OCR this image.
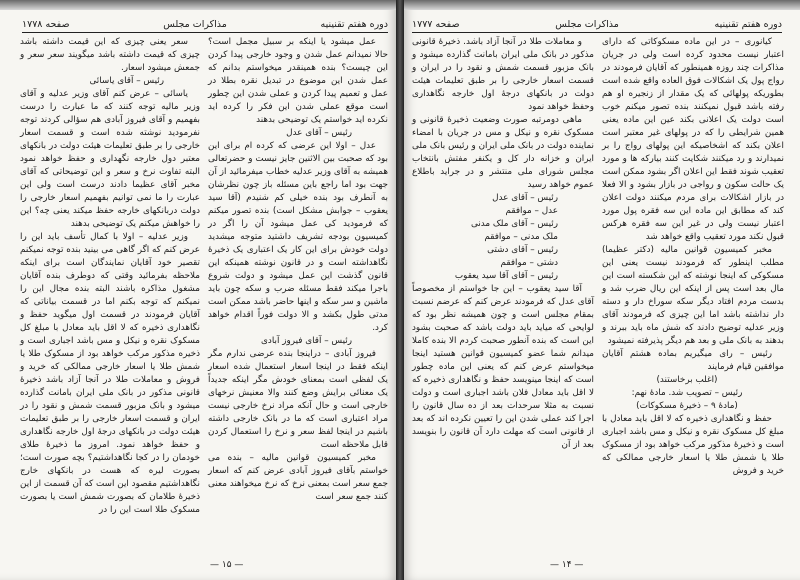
صفحه ۱۷۷۸	مذاکرات مجلس	دوره هفتم تقنینیه

عمل میشود یا اینکه بر سبیل مجمل است؟ حالا نمیدانم عمل شدن و وجود خارجی پیدا کردن این چیست؟ بنده همینقدر میخواستم بدانم که عمل شدن این موضوع در تبدیل نقره بطلا در عمل و تعمیم پیدا کردن و عملی شدن این چطور است موقع عملی شدن این فکر را کرده اید نکرده اید خواستم یک توضیحی بدهند

رئیس – آقای عدل

عدل – اولا این عرضی که کرده ام برای این بود که صحبت بین الاثنین جایز نیست و حضرتعالی همیشه به آقای وزیر عدلیه خطاب میفرمائید از آن جهت بود اما راجع باین مسئله باز چون نظرشان به آنطرف بود بنده خیلی کم شنیدم (آقا سید یعقوب – جوابش مشکل است) بنده تصور میکنم که فرمودید کی عمل میشود آن را اگر در کمیسیون بودجه تشریف داشتید متوجه میشدید دولت خودش برای این کار یک اعتباری یک ذخیرهٔ نگاهداشته است و در قانون نوشته همینکه این قانون گذشت این عمل میشود و دولت شروع باجرا میکند فقط مسئله ضرب و سکه چون باید ماشین و سر سکه و اینها حاضر باشد ممکن است مدتی طول بکشد و الا دولت فوراً اقدام خواهد کرد.

رئیس – آقای فیروز آبادی

فیروز آبادی – دراینجا بنده عرضی ندارم مگر اینکه فقط در اینجا اسعار استعمال شده اسعار یک لفظی است بمعنای خودش مگر اینکه جدیداً یک معنائی برایش وضع کنند والا معنیش نرخهای خارجی است و حال آنکه مراد نرخ خارجی نیست مراد اعتباری است که ما در بانک خارجی داشته باشیم در اینجا لفظ سعر و نرخ را استعمال کردن قابل ملاحظه است

مخبر کمیسیون قوانین مالیه – بنده می خواستم بآقای فیروز آبادی عرض کنم که اسعار جمع سعر است بمعنی نرخ که نرخ میخواهند معنی کنند جمع سعر است

سعر یعنی چیزی که این قیمت داشته باشد چیزی که قیمت داشته باشد میگویند سعر سعر و جمعش میشود اسعار.

رئیس – آقای یاسائی

یاسائی – عرض کنم آقای وزیر عدلیه و آقای وزیر مالیه توجه کنند که ما عبارت را درست بفهمیم و آقای فیروز آبادی هم سؤالی کردند توجه نفرمودید نوشته شده است و قسمت اسعار خارجی را بر طبق تعلیمات هیئت دولت در بانکهای معتبر دول خارجه نگهداری و حفظ خواهد نمود البته تفاوت نرخ و سعر و این توضیحاتی که آقای مخبر آقای عظیما دادند درست است ولی این عبارت را ما نمی توانیم بفهمیم اسعار خارجی را دولت دربانکهای خارجه حفظ میکند یعنی چه؟ این را خواهش میکنم یک توضیحی بدهند

وزیر عدلیه – اولا با کمال تأسف باید این را عرض کنم که اگر گاهی می بینید بنده توجه نمیکنم تقصیر خود آقایان نمایندگان است برای اینکه ملاحظه بفرمائید وقتی که دوطرف بنده آقایان مشغول مذاکره باشند البته بنده مجال این را نمیکنم که توجه بکنم اما در قسمت بیاناتی که آقایان فرمودند در قسمت اول میگوید حفظ و نگاهداری ذخیره که لا اقل باید معادل با مبلغ کل مسکوک نقره و نیکل و مس باشد اجباری است و ذخیره مذکور مرکب خواهد بود از مسکوک طلا یا شمش طلا یا اسعار خارجی ممالکی که خرید و فروش و معاملات طلا در آنجا آزاد باشد ذخیرهٔ قانونی مذکور در بانک ملی ایران بامانت گذارده میشود و بانک مزبور قسمت شمش و نقود را در ایران و قسمت اسعار خارجی را بر طبق تعلیمات هیئت دولت در بانکهای درجهٔ اول خارجه نگاهداری و حفظ خواهد نمود. امروز ما ذخیرهٔ طلای خودمان را در کجا نگاهداشتیم؟ بچه صورت است؛ بصورت لیره که هست در بانکهای خارج نگاهداشتیم مقصود این است که آن قسمت از این ذخیرهٔ طلامان که بصورت شمش است یا بصورت مسکوک طلا است این را در

— ۱۵ —
صفحه ۱۷۷۷	مذاکرات مجلس	دوره هفتم تقنینیه

کیانوری – در این ماده مسکوکاتی که دارای اعتبار نیست محدود کرده است ولی در جریان مذاکرات چند روزه همینطور که آقایان فرمودند در رواج پول یک اشکالات فوق العاده واقع شده است بطوریکه پولهائی که یک مقدار از زنجیره او هم رفته باشد قبول نمیکنند بنده تصور میکنم خوب است دولت یک اعلانی بکند عین این ماده یعنی همین شرایطی را که در پولهای غیر معتبر است اعلان بکند که اشخاصیکه این پولهای رواج را بر نمیدارند و رد میکنند شکایت کنند بیارکه ها و مورد تعقیب شوند فقط این اعلان اگر بشود ممکن است یک حالت سکون و رواجی در بازار بشود و الا فعلا در بازار اشکالات برای مردم میکنند دولت اعلان کند که مطابق این ماده این سه فقره پول مورد اعتبار نیست ولی در غیر این سه فقره هرکس قبول نکند مورد تعقیب واقع خواهد شد

مخبر کمیسیون قوانین مالیه (دکتر عظیما) مطلب اینطور که فرمودند نیست یعنی این مسکوکی که اینجا نوشته که این شکسته است این مال بعد است پس از اینکه این ریال ضرب شد و بدست مردم افتاد دیگر سکه سوراخ دار و دسته دار نداشته باشد اما این چیزی که فرمودند آقای وزیر عدلیه توضیح دادند که شش ماه باید ببرند و بدهند به بانک ملی و بعد هم دیگر پذیرفته نمیشود

رئیس – رای میگیریم بماده هشتم آقایان موافقین قیام فرمایند

(اغلب برخاستند)

رئیس – تصویب شد. مادهٔ نهم:

(مادهٔ ۹ – ذخیرهٔ مسکوکات)

حفظ و نگاهداری ذخیره که لا اقل باید معادل با مبلغ کل مسکوک نقره و نیکل و مس باشد اجباری است و ذخیرهٔ مذکور مرکب خواهد بود از مسکوک طلا یا شمش طلا یا اسعار خارجی ممالکی که خرید و فروش

و معاملات طلا در آنجا آزاد باشد. ذخیرهٔ قانونی مذکور در بانک ملی ایران بامانت گذارده میشود و بانک مزبور قسمت شمش و نقود را در ایران و قسمت اسعار خارجی را بر طبق تعلیمات هیئت دولت در بانکهای درجهٔ اول خارجه نگاهداری وحفظ خواهد نمود

ماهی دومرتبه صورت وضعیت ذخیرهٔ قانونی و مسکوک نقره و نیکل و مس در جریان با امضاء نماینده دولت در بانک ملی ایران و رئیس بانک ملی ایران و خزانه دار کل و یکنفر مفتش بانتخاب مجلس شورای ملی منتشر و در جراید باطلاع عموم خواهد رسید

رئیس – آقای عدل

عدل – موافقم

رئیس – آقای ملک مدنی

ملک مدنی – موافقم

رئیس – آقای دشتی

دشتی – موافقم

رئیس – آقای آقا سید یعقوب

آقا سید یعقوب – این جا خواستم از مخصوصاً آقای عدل که فرمودند عرض کنم که عرضم نسبت بمقام مجلس است و چون همیشه نظر بود که لوایحی که میاید باید دولت باشد که صحبت بشود این است که بنده آنطور صحبت کردم الا بنده کاملا میدانم شما عضو کمیسیون قوانین هستید اینجا میخواستم عرض کنم که یعنی این ماده چطور است که اینجا مینویسد حفظ و نگاهداری ذخیره که لا اقل باید معادل فلان باشد اجباری است و دولت نسبت به مثلا سرحدات بعد از ده سال قانون را اجرا کند عملی شدن این را تعیین نکرده اند که بعد از قانونی است که مهلت دارد آن قانون را بنویسد بعد از آن

— ۱۴ —
